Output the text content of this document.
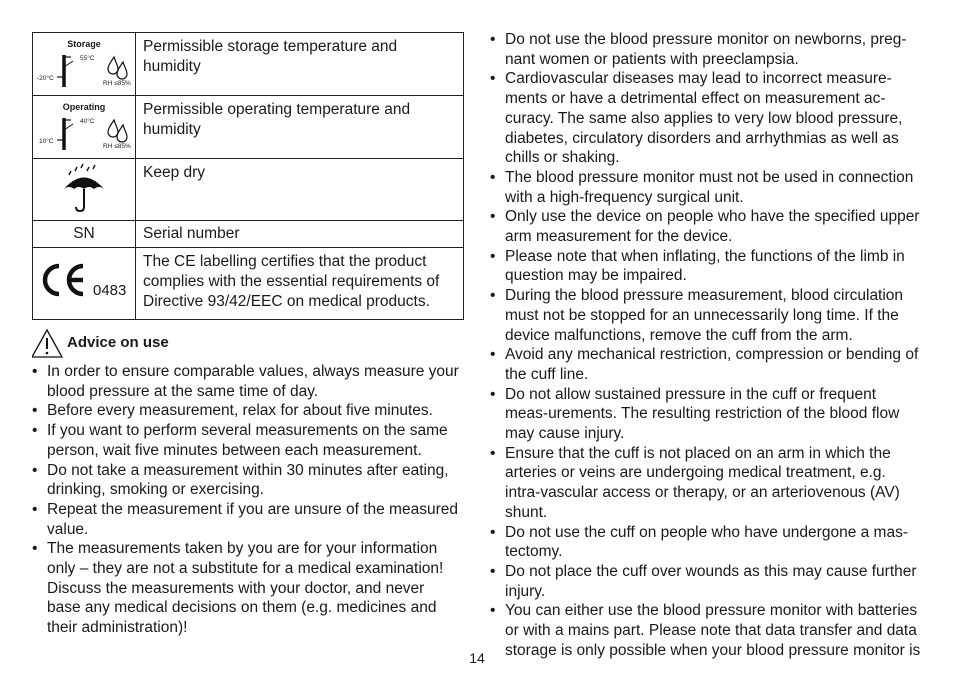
Storage
55°C
-20°C
RH ≤85%	Permissible storage temperature and humidity

Operating
40°C
10°C
RH ≤85%	Permissible operating temperature and humidity
	Keep dry
SN	Serial number

0483	The CE labelling certifies that the product complies with the essential requirements of Directive 93/42/EEC on medical products.
Advice on use
• In order to ensure comparable values, always measure your blood pressure at the same time of day.
• Before every measurement, relax for about five minutes.
• If you want to perform several measurements on the same person, wait five minutes between each measurement.
• Do not take a measurement within 30 minutes after eating, drinking, smoking or exercising.
• Repeat the measurement if you are unsure of the measured value.
• The measurements taken by you are for your information only – they are not a substitute for a medical examination! Discuss the measurements with your doctor, and never base any medical decisions on them (e.g. medicines and their administration)!
• Do not use the blood pressure monitor on newborns, preg-nant women or patients with preeclampsia.
• Cardiovascular diseases may lead to incorrect measure-ments or have a detrimental effect on measurement ac-curacy. The same also applies to very low blood pressure, diabetes, circulatory disorders and arrhythmias as well as chills or shaking.
• The blood pressure monitor must not be used in connection with a high-frequency surgical unit.
• Only use the device on people who have the specified upper arm measurement for the device.
• Please note that when inflating, the functions of the limb in question may be impaired.
• During the blood pressure measurement, blood circulation must not be stopped for an unnecessarily long time. If the device malfunctions, remove the cuff from the arm.
• Avoid any mechanical restriction, compression or bending of the cuff line.
• Do not allow sustained pressure in the cuff or frequent meas-urements. The resulting restriction of the blood flow may cause injury.
• Ensure that the cuff is not placed on an arm in which the arteries or veins are undergoing medical treatment, e.g. intra-vascular access or therapy, or an arteriovenous (AV) shunt.
• Do not use the cuff on people who have undergone a mas-tectomy.
• Do not place the cuff over wounds as this may cause further injury.
• You can either use the blood pressure monitor with batteries or with a mains part. Please note that data transfer and data storage is only possible when your blood pressure monitor is
14
